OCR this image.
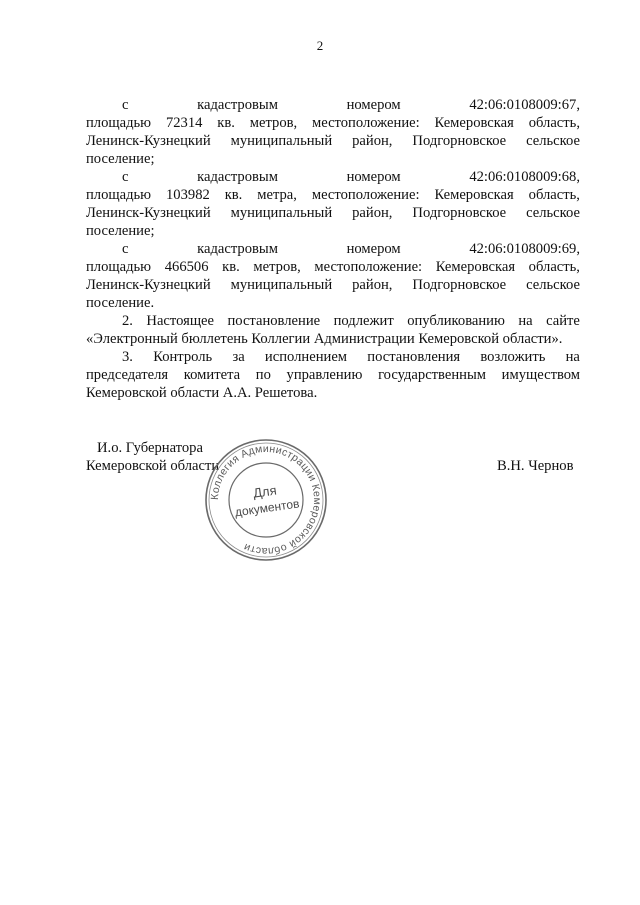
2
с	кадастровым	номером	42:06:0108009:67,
площадью 72314 кв. метров, местоположение: Кемеровская область,
Ленинск-Кузнецкий муниципальный район, Подгорновское сельское
поселение;
с	кадастровым	номером	42:06:0108009:68,
площадью 103982 кв. метра, местоположение: Кемеровская область,
Ленинск-Кузнецкий муниципальный район, Подгорновское сельское
поселение;
с	кадастровым	номером	42:06:0108009:69,
площадью 466506 кв. метров, местоположение: Кемеровская область,
Ленинск-Кузнецкий муниципальный район, Подгорновское сельское
поселение.
2. Настоящее постановление подлежит опубликованию на сайте
«Электронный бюллетень Коллегии Администрации Кемеровской области».
3. Контроль за исполнением постановления возложить на
председателя комитета по управлению государственным имуществом
Кемеровской области А.А. Решетова.
И.о. Губернатора
Кемеровской области	В.Н. Чернов
Коллегия Администрации Кемеровской области
Для
документов
